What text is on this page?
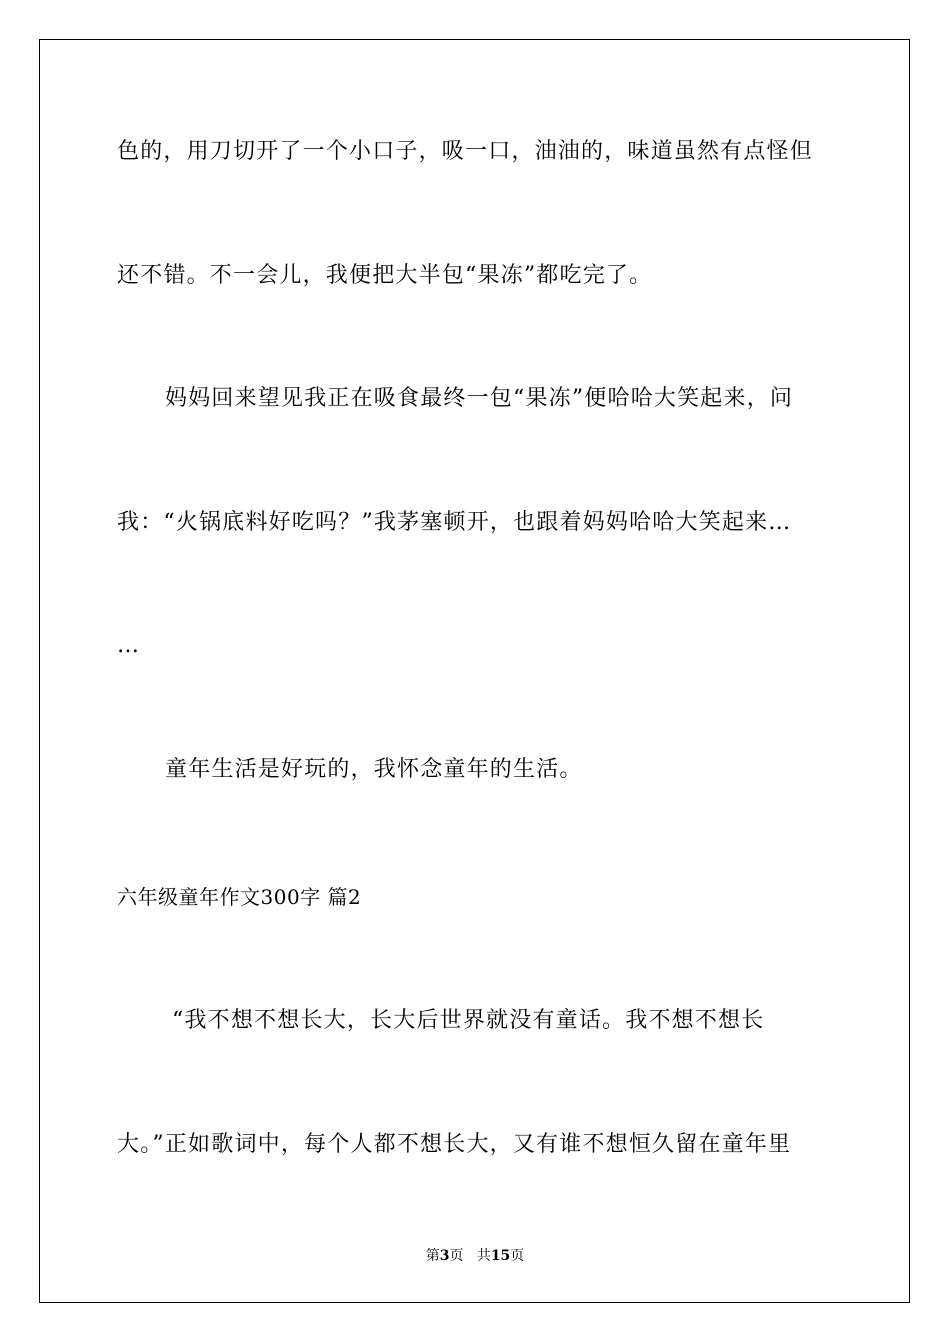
色的，用刀切开了一个小口子，吸一口，油油的，味道虽然有点怪但
还不错。不一会儿，我便把大半包“果冻”都吃完了。
妈妈回来望见我正在吸食最终一包“果冻”便哈哈大笑起来，问
我：“火锅底料好吃吗？”我茅塞顿开，也跟着妈妈哈哈大笑起来…
…
童年生活是好玩的，我怀念童年的生活。
六年级童年作文300字 篇2
“我不想不想长大，长大后世界就没有童话。我不想不想长
大。”正如歌词中，每个人都不想长大，又有谁不想恒久留在童年里
第3页 共15页
